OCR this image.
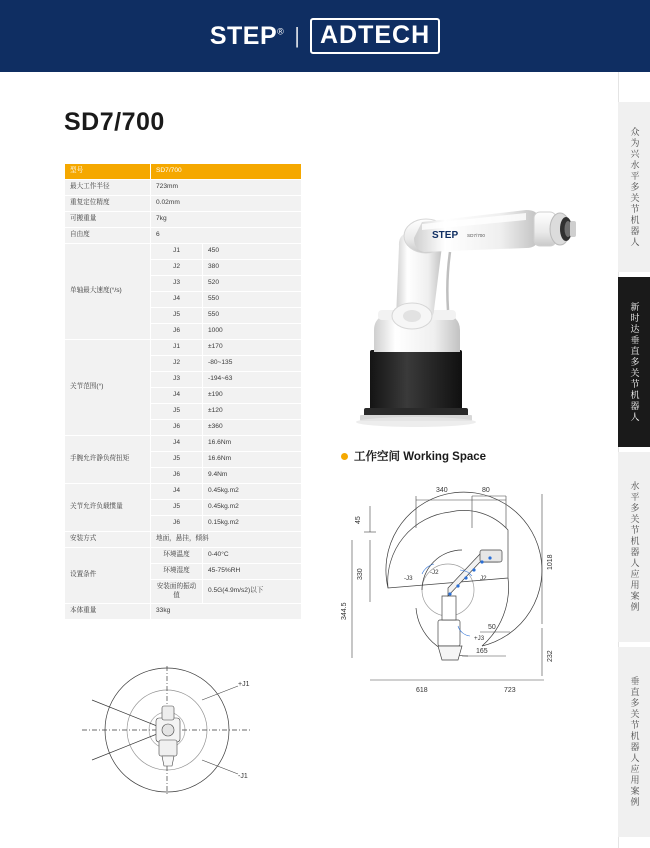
STEP® | ADTECH
众为兴水平多关节机器人
新时达垂直多关节机器人
水平多关节机器人应用案例
垂直多关节机器人应用案例
SD7/700
型号	SD7/700	
最大工作半径	723mm	
重复定位精度	0.02mm	
可搬重量	7kg	
自由度	6	
单轴最大速度(°/s)	J1	450
	J2	380
	J3	520
	J4	550
	J5	550
	J6	1000
关节范围(°)	J1	±170
	J2	-80~135
	J3	-194~63
	J4	±190
	J5	±120
	J6	±360
手腕允许静负荷扭矩	J4	16.6Nm
	J5	16.6Nm
	J6	9.4Nm
关节允许负载惯量	J4	0.45kg.m2
	J5	0.45kg.m2
	J6	0.15kg.m2
安装方式	地面，悬挂，倾斜	
设置条件	环境温度	0-40°C
	环境湿度	45-75%RH
	安装面的振动值	0.5G(4.9m/s2)以下
本体重量	33kg	
STEP SD7/700
工作空间 Working Space
340	80
45
330
344.5
1018
232
50
165
618	723
-J3
-J2
J2
+J3
+J1
-J1
